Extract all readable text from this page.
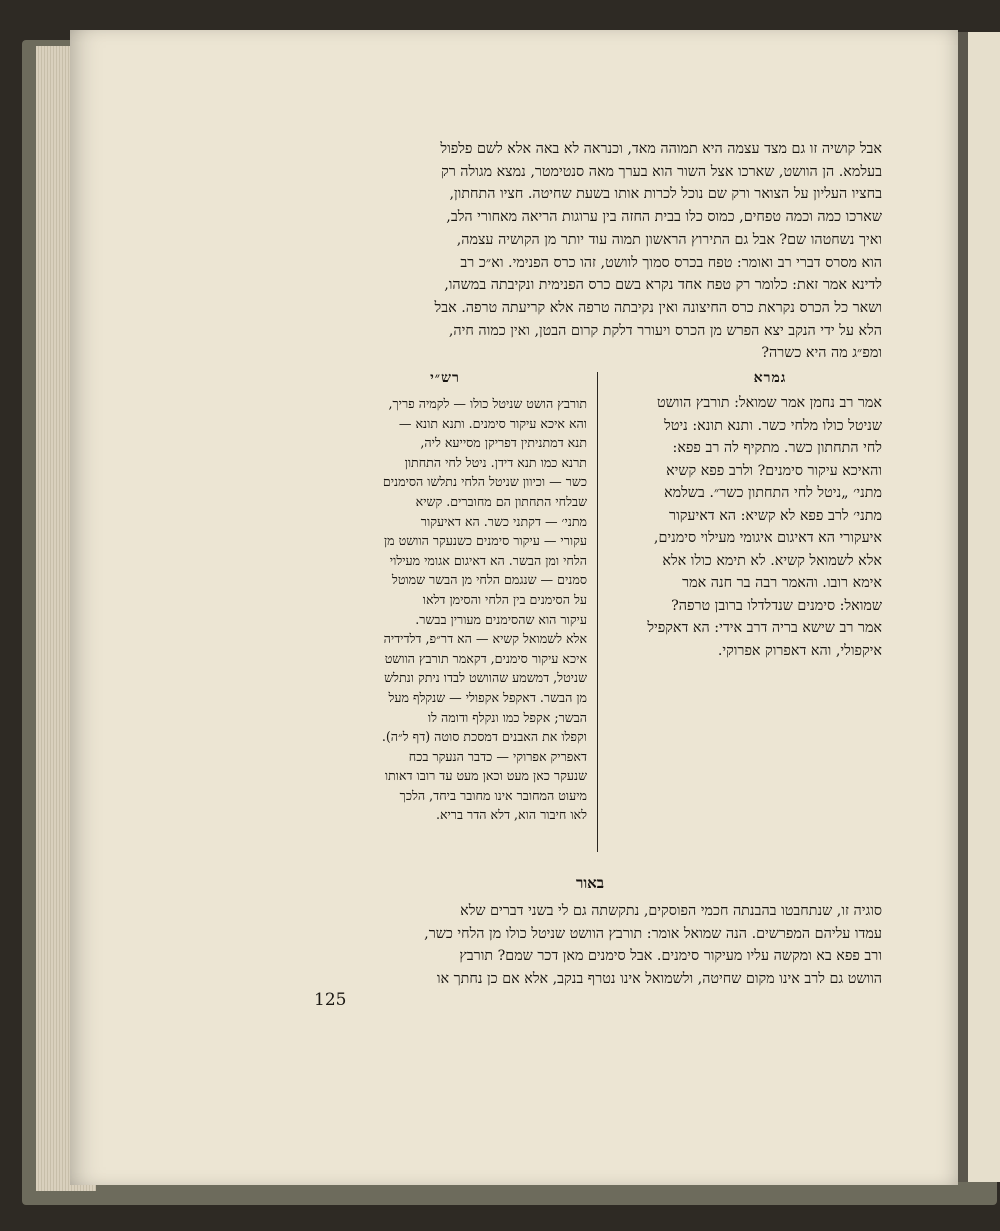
אבל קושיה זו גם מצד עצמה היא תמוהה מאד, וכנראה לא באה אלא לשם פלפול
בעלמא. הן הוושט, שארכו אצל השור הוא בערך מאה סנטימטר, נמצא מגולה רק
בחציו העליון על הצואר ורק שם נוכל לכרות אותו בשעת שחיטה. חציו התחתון,
שארכו כמה וכמה טפחים, כמוס כלו בבית החזה בין ערוגות הריאה מאחורי הלב,
ואיך נשחטהו שם? אבל גם התירוץ הראשון תמוה עוד יותר מן הקושיה עצמה,
הוא מסרס דברי רב ואומר: טפח בכרס סמוך לוושט, זהו כרס הפנימי. וא״כ רב
לדינא אמר זאת: כלומר רק טפח אחד נקרא בשם כרס הפנימית ונקיבתה במשהו,
ושאר כל הכרס נקראת כרס החיצונה ואין נקיבתה טרפה אלא קריעתה טרפה. אבל
הלא על ידי הנקב יצא הפרש מן הכרס ויעורר דלקת קרום הבטן, ואין כמוה חיה,
ומפ״ג מה היא כשרה?
גמרא
רש״י
אמר רב נחמן אמר שמואל: תורבץ הוושט
שניטל כולו מלחי כשר. ותנא תונא: ניטל
לחי התחתון כשר. מתקיף לה רב פפא:
והאיכא עיקור סימנים? ולרב פפא קשיא
מתני׳ „ניטל לחי התחתון כשר״. בשלמא
מתני׳ לרב פפא לא קשיא: הא דאיעקור
איעקורי הא דאיגום איגומי מעילוי סימנים,
אלא לשמואל קשיא. לא תימא כולו אלא
אימא רובו. והאמר רבה בר חנה אמר
שמואל: סימנים שנדלדלו ברובן טרפה?
אמר רב שישא בריה דרב אידי: הא דאקפיל
איקפולי, והא דאפרוק אפרוקי.
תורבץ הושט שניטל כולו — לקמיה פריך,
והא איכא עיקור סימנים. ותנא תונא —
תנא דמתניתין דפריקן מסייעא ליה,
תרנא כמו תנא דידן. ניטל לחי התחתון
כשר — וכיוון שניטל הלחי נתלשו הסימנים
שבלחי התחתון הם מחוברים. קשיא
מתני׳ — דקתני כשר. הא דאיעקור
עקורי — עיקור סימנים כשנעקר הוושט מן
הלחי ומן הבשר. הא דאיגום אגומי מעילוי
סמנים — שנגמם הלחי מן הבשר שמוטל
על הסימנים בין הלחי והסימן דלאו
עיקור הוא שהסימנים מעורין בבשר.
אלא לשמואל קשיא — הא דר״פ, דלדידיה
איכא עיקור סימנים, דקאמר תורבץ הוושט
שניטל, דמשמע שהוושט לבדו ניתק ונתלש
מן הבשר. דאקפל אקפולי — שנקלף מעל
הבשר; אקפל כמו ונקלף ודומה לו
וקפלו את האבנים דמסכת סוטה (דף ל״ה).
דאפריק אפרוקי — כדבר הנעקר בכח
שנעקר כאן מעט וכאן מעט עד רובו דאותו
מיעוט המחובר אינו מחובר ביחד, הלכך
לאו חיבור הוא, דלא הדר בריא.
באור
סוגיה זו, שנתחבטו בהבנתה חכמי הפוסקים, נתקשתה גם לי בשני דברים שלא
עמדו עליהם המפרשים. הנה שמואל אומר: תורבץ הוושט שניטל כולו מן הלחי כשר,
ורב פפא בא ומקשה עליו מעיקור סימנים. אבל סימנים מאן דכר שמם? תורבץ
הוושט גם לרב אינו מקום שחיטה, ולשמואל אינו נטרף בנקב, אלא אם כן נחתך או
125
